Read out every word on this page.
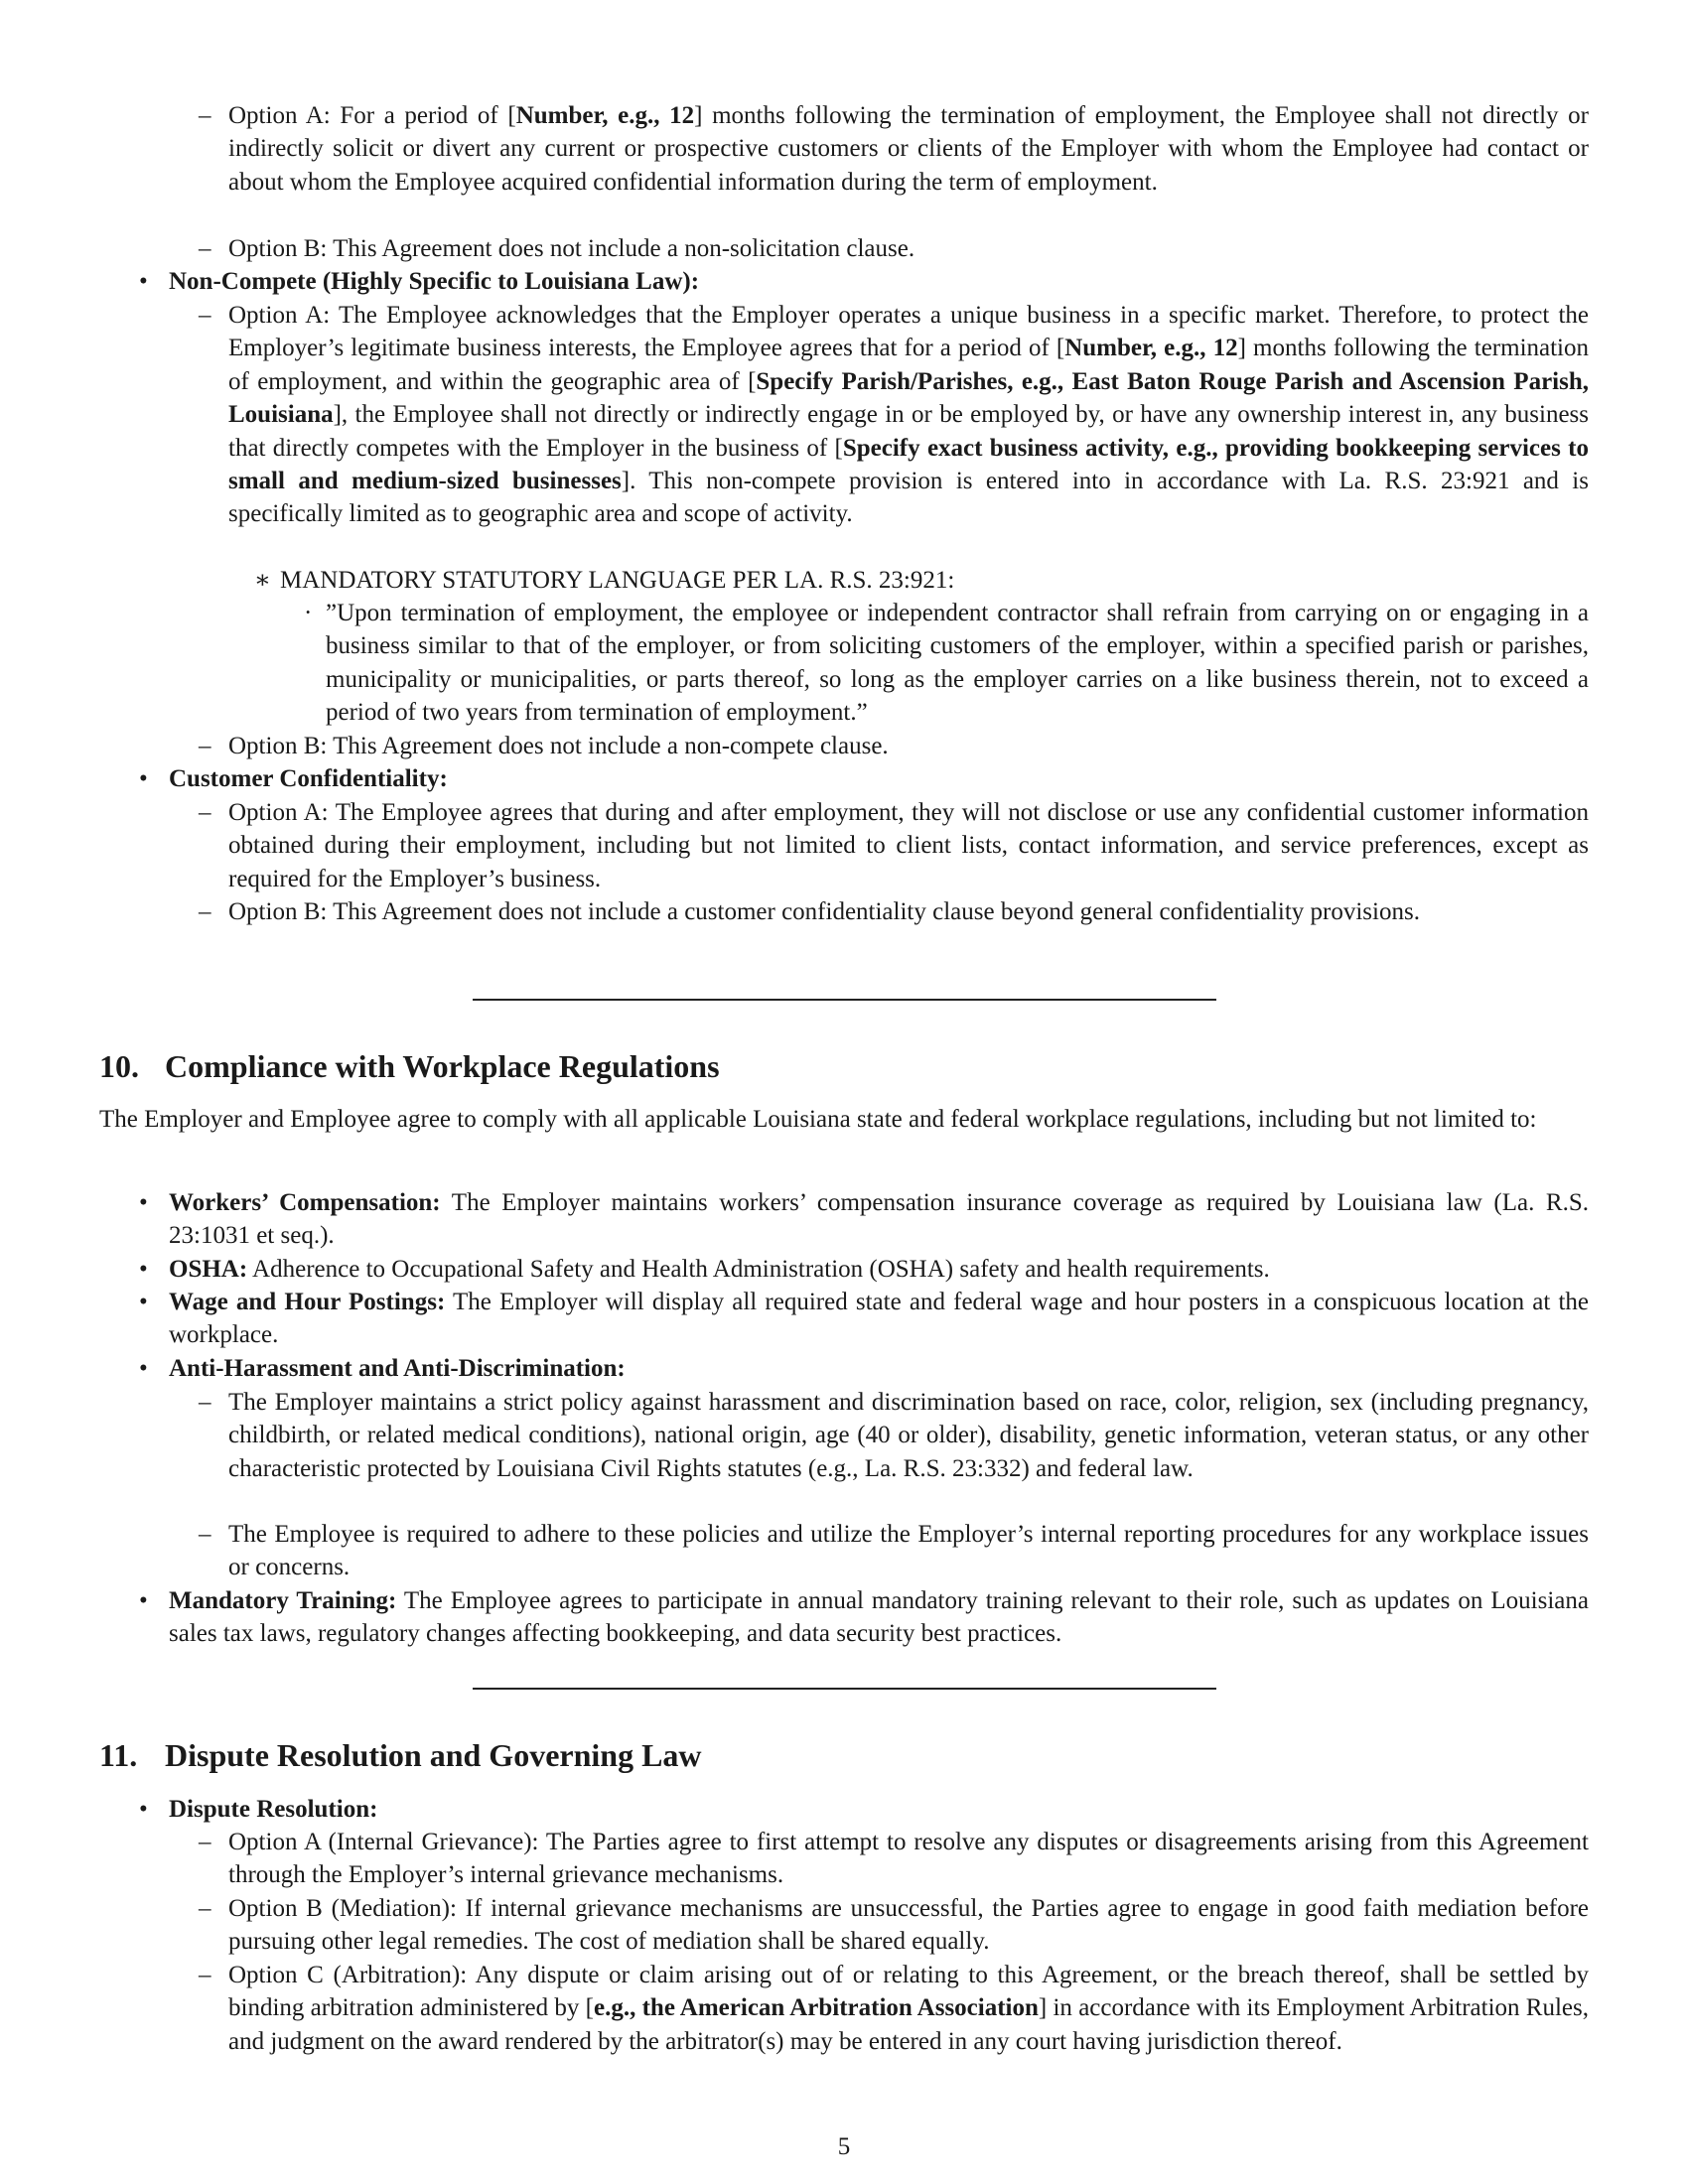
– Option A: For a period of [Number, e.g., 12] months following the termination of employment, the Employee shall not directly or indirectly solicit or divert any current or prospective customers or clients of the Employer with whom the Employee had contact or about whom the Employee acquired confidential information during the term of employment.

– Option B: This Agreement does not include a non-solicitation clause.

• Non-Compete (Highly Specific to Louisiana Law):

– Option A: The Employee acknowledges that the Employer operates a unique business in a specific market. Therefore, to protect the Employer’s legitimate business interests, the Employee agrees that for a period of [Number, e.g., 12] months following the termination of employment, and within the geographic area of [Specify Parish/Parishes, e.g., East Baton Rouge Parish and Ascension Parish, Louisiana], the Employee shall not directly or indirectly engage in or be employed by, or have any ownership interest in, any business that directly competes with the Employer in the business of [Specify exact business activity, e.g., providing bookkeeping services to small and medium-sized businesses]. This non-compete provision is entered into in accordance with La. R.S. 23:921 and is specifically limited as to geographic area and scope of activity.

∗ MANDATORY STATUTORY LANGUAGE PER LA. R.S. 23:921:

· ”Upon termination of employment, the employee or independent contractor shall refrain from carrying on or engaging in a business similar to that of the employer, or from soliciting customers of the employer, within a specified parish or parishes, municipality or municipalities, or parts thereof, so long as the employer carries on a like business therein, not to exceed a period of two years from termination of employment.”

– Option B: This Agreement does not include a non-compete clause.

• Customer Confidentiality:

– Option A: The Employee agrees that during and after employment, they will not disclose or use any confidential customer information obtained during their employment, including but not limited to client lists, contact information, and service preferences, except as required for the Employer’s business.

– Option B: This Agreement does not include a customer confidentiality clause beyond general confidentiality provisions.

10. Compliance with Workplace Regulations

The Employer and Employee agree to comply with all applicable Louisiana state and federal workplace regulations, including but not limited to:

• Workers’ Compensation: The Employer maintains workers’ compensation insurance coverage as required by Louisiana law (La. R.S. 23:1031 et seq.).

• OSHA: Adherence to Occupational Safety and Health Administration (OSHA) safety and health requirements.

• Wage and Hour Postings: The Employer will display all required state and federal wage and hour posters in a conspicuous location at the workplace.

• Anti-Harassment and Anti-Discrimination:

– The Employer maintains a strict policy against harassment and discrimination based on race, color, religion, sex (including pregnancy, childbirth, or related medical conditions), national origin, age (40 or older), disability, genetic information, veteran status, or any other characteristic protected by Louisiana Civil Rights statutes (e.g., La. R.S. 23:332) and federal law.

– The Employee is required to adhere to these policies and utilize the Employer’s internal reporting procedures for any workplace issues or concerns.

• Mandatory Training: The Employee agrees to participate in annual mandatory training relevant to their role, such as updates on Louisiana sales tax laws, regulatory changes affecting bookkeeping, and data security best practices.

11. Dispute Resolution and Governing Law

• Dispute Resolution:

– Option A (Internal Grievance): The Parties agree to first attempt to resolve any disputes or disagreements arising from this Agreement through the Employer’s internal grievance mechanisms.

– Option B (Mediation): If internal grievance mechanisms are unsuccessful, the Parties agree to engage in good faith mediation before pursuing other legal remedies. The cost of mediation shall be shared equally.

– Option C (Arbitration): Any dispute or claim arising out of or relating to this Agreement, or the breach thereof, shall be settled by binding arbitration administered by [e.g., the American Arbitration Association] in accordance with its Employment Arbitration Rules, and judgment on the award rendered by the arbitrator(s) may be entered in any court having jurisdiction thereof.

5
